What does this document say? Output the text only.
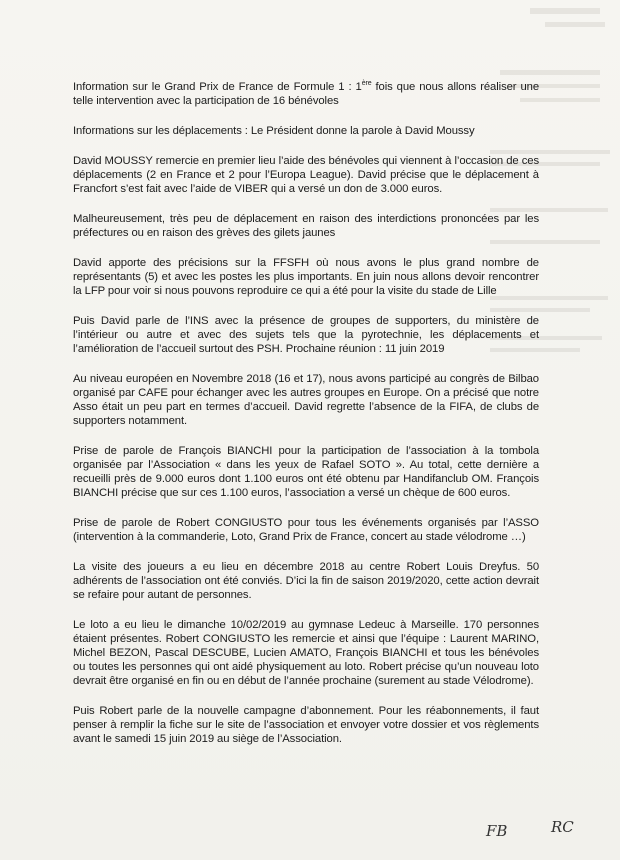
Information sur le Grand Prix de France de Formule 1 : 1ère fois que nous allons réaliser une telle intervention avec la participation de 16 bénévoles

Informations sur les déplacements : Le Président donne la parole à David Moussy

David MOUSSY remercie en premier lieu l’aide des bénévoles qui viennent à l’occasion de ces déplacements (2 en France et 2 pour l’Europa League). David précise que le déplacement à Francfort s’est fait avec l’aide de VIBER qui a versé un don de 3.000 euros.

Malheureusement, très peu de déplacement en raison des interdictions prononcées par les préfectures ou en raison des grèves des gilets jaunes

David apporte des précisions sur la FFSFH où nous avons le plus grand nombre de représentants (5) et avec les postes les plus importants. En juin nous allons devoir rencontrer la LFP pour voir si nous pouvons reproduire ce qui a été pour la visite du stade de Lille

Puis David parle de l’INS avec la présence de groupes de supporters, du ministère de l’intérieur ou autre et avec des sujets tels que la pyrotechnie, les déplacements et l’amélioration de l’accueil surtout des PSH. Prochaine réunion : 11 juin 2019

Au niveau européen en Novembre 2018 (16 et 17), nous avons participé au congrès de Bilbao organisé par CAFE pour échanger avec les autres groupes en Europe. On a précisé que notre Asso était un peu part en termes d’accueil. David regrette l’absence de la FIFA, de clubs de supporters notamment.

Prise de parole de François BIANCHI pour la participation de l’association à la tombola organisée par l’Association « dans les yeux de Rafael SOTO ». Au total, cette dernière a recueilli près de 9.000 euros dont 1.100 euros ont été obtenu par Handifanclub OM. François BIANCHI précise que sur ces 1.100 euros, l’association a versé un chèque de 600 euros.

Prise de parole de Robert CONGIUSTO pour tous les événements organisés par l’ASSO (intervention à la commanderie, Loto, Grand Prix de France, concert au stade vélodrome …)

La visite des joueurs a eu lieu en décembre 2018 au centre Robert Louis Dreyfus. 50 adhérents de l’association ont été conviés. D’ici la fin de saison 2019/2020, cette action devrait se refaire pour autant de personnes.

Le loto a eu lieu le dimanche 10/02/2019 au gymnase Ledeuc à Marseille. 170 personnes étaient présentes. Robert CONGIUSTO les remercie et ainsi que l’équipe : Laurent MARINO, Michel BEZON, Pascal DESCUBE, Lucien AMATO, François BIANCHI et tous les bénévoles ou toutes les personnes qui ont aidé physiquement au loto. Robert précise qu’un nouveau loto devrait être organisé en fin ou en début de l’année prochaine (surement au stade Vélodrome).

Puis Robert parle de la nouvelle campagne d’abonnement. Pour les réabonnements, il faut penser à remplir la fiche sur le site de l’association et envoyer votre dossier et vos règlements avant le samedi 15 juin 2019 au siège de l’Association.

FB	RC
